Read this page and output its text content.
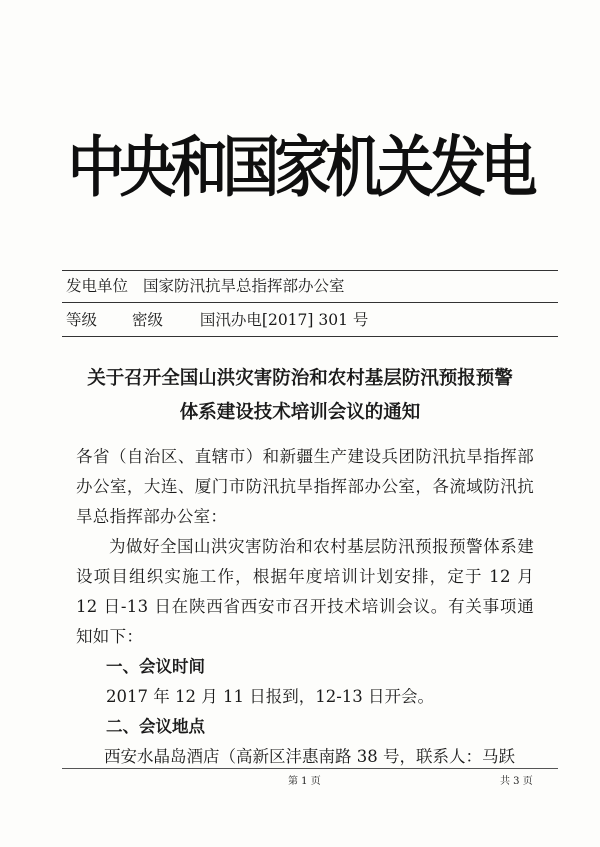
中央和国家机关发电
发电单位 国家防汛抗旱总指挥部办公室
等级 密级 国汛办电[2017] 301 号
关于召开全国山洪灾害防治和农村基层防汛预报预警
体系建设技术培训会议的通知
各省（自治区、直辖市）和新疆生产建设兵团防汛抗旱指挥部办公室，大连、厦门市防汛抗旱指挥部办公室，各流域防汛抗旱总指挥部办公室：
为做好全国山洪灾害防治和农村基层防汛预报预警体系建设项目组织实施工作，根据年度培训计划安排，定于 12 月 12 日-13 日在陕西省西安市召开技术培训会议。有关事项通知如下：
一、会议时间
2017 年 12 月 11 日报到，12-13 日开会。
二、会议地点
西安水晶岛酒店（高新区沣惠南路 38 号，联系人：马跃
第 1 页	共 3 页
